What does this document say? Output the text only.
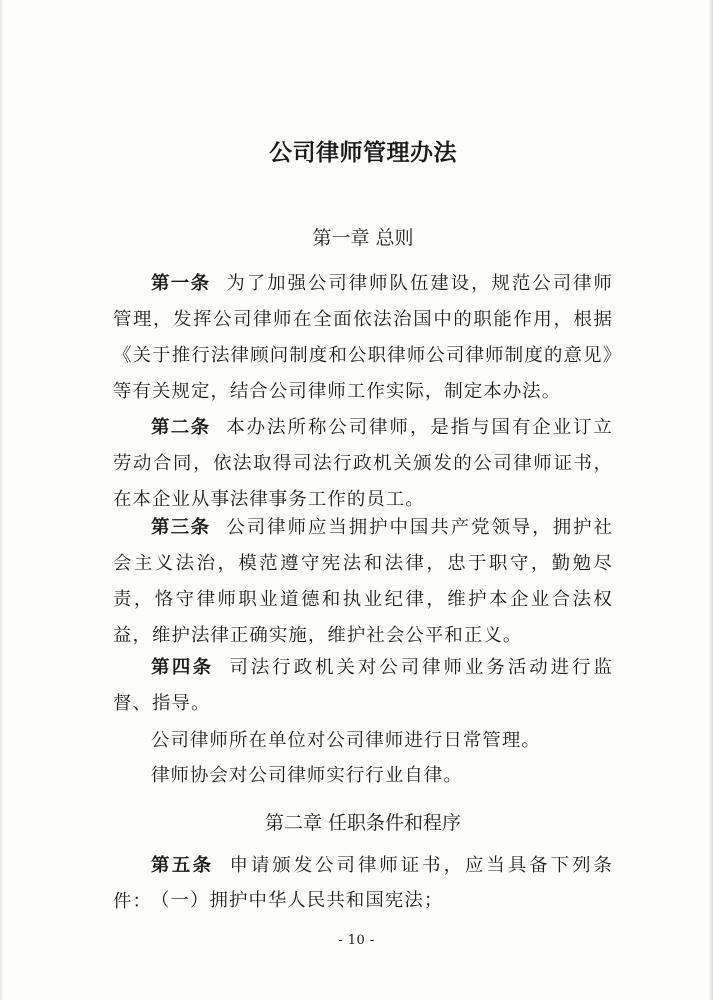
公司律师管理办法
第一章 总则
第一条 为了加强公司律师队伍建设，规范公司律师管理，发挥公司律师在全面依法治国中的职能作用，根据《关于推行法律顾问制度和公职律师公司律师制度的意见》等有关规定，结合公司律师工作实际，制定本办法。
第二条 本办法所称公司律师，是指与国有企业订立劳动合同，依法取得司法行政机关颁发的公司律师证书，在本企业从事法律事务工作的员工。
第三条 公司律师应当拥护中国共产党领导，拥护社会主义法治，模范遵守宪法和法律，忠于职守，勤勉尽责，恪守律师职业道德和执业纪律，维护本企业合法权益，维护法律正确实施，维护社会公平和正义。
第四条 司法行政机关对公司律师业务活动进行监督、指导。
公司律师所在单位对公司律师进行日常管理。
律师协会对公司律师实行行业自律。
第二章 任职条件和程序
第五条 申请颁发公司律师证书，应当具备下列条件： （一）拥护中华人民共和国宪法；
- 10 -
